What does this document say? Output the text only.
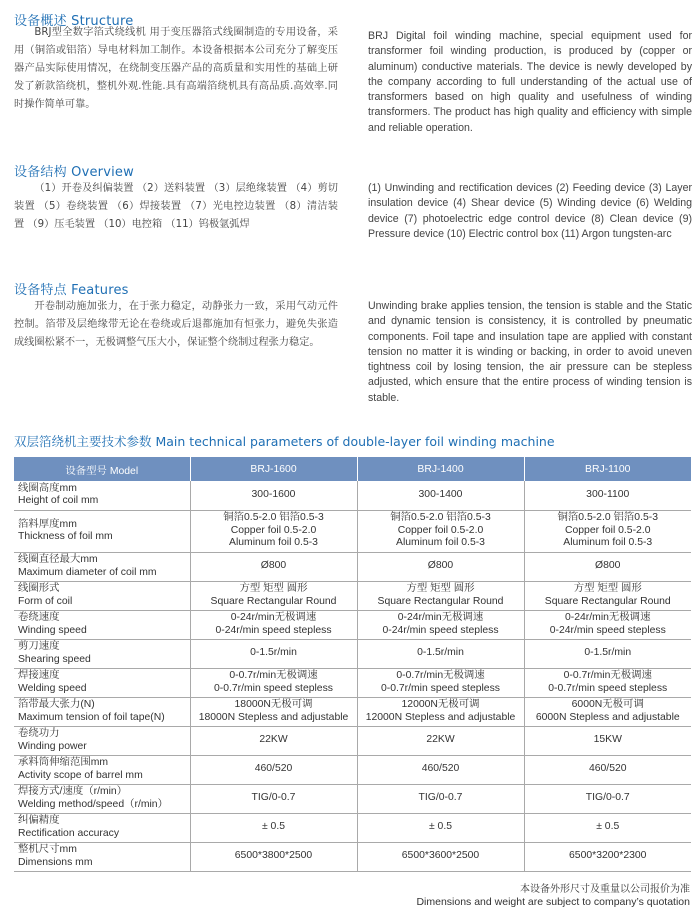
设备概述 Structure
BRJ型全数字箔式绕线机 用于变压器箔式线圈制造的专用设备，采用（铜箔或铝箔）导电材料加工制作。本设备根据本公司充分了解变压器产品实际使用情况，在绕制变压器产品的高质量和实用性的基础上研发了新款箔绕机，整机外观.性能.具有高端箔绕机具有高品质.高效率.同时操作简单可靠。
BRJ Digital foil winding machine, special equipment used for transformer foil winding production, is produced by (copper or aluminum) conductive materials. The device is newly developed by the company according to full understanding of the actual use of transformers based on high quality and usefulness of winding transformers. The product has high quality and efficiency with simple and reliable operation.
设备结构 Overview
（1）开卷及纠偏装置 （2）送料装置 （3）层绝缘装置 （4）剪切装置 （5）卷绕装置 （6）焊接装置 （7）光电控边装置 （8）清洁装置 （9）压毛装置 （10）电控箱 （11）钨极氩弧焊
(1) Unwinding and rectification devices (2) Feeding device (3) Layer insulation device (4) Shear device (5) Winding device (6) Welding device (7) photoelectric edge control device (8) Clean device (9) Pressure device (10) Electric control box (11) Argon tungsten-arc
设备特点 Features
开卷制动施加张力，在于张力稳定，动静张力一致，采用气动元件控制。箔带及层绝缘带无论在卷绕或后退都施加有恒张力，避免失张造成线圈松紧不一，无极调整气压大小，保证整个绕制过程张力稳定。
Unwinding brake applies tension, the tension is stable and the Static and dynamic tension is consistency, it is controlled by pneumatic components. Foil tape and insulation tape are applied with constant tension no matter it is winding or backing, in order to avoid uneven tightness coil by losing tension, the air pressure can be stepless adjusted, which ensure that the entire process of winding tension is stable.
双层箔绕机主要技术参数 Main technical parameters of double-layer foil winding machine
设备型号 Model	BRJ-1600	BRJ-1400	BRJ-1100

线圈高度mm
Height of coil mm	300-1600	300-1400	300-1100

箔料厚度mm
Thickness of foil mm	铜箔0.5-2.0 铝箔0.5-3
Copper foil 0.5-2.0
Aluminum foil 0.5-3	铜箔0.5-2.0 铝箔0.5-3
Copper foil 0.5-2.0
Aluminum foil 0.5-3	铜箔0.5-2.0 铝箔0.5-3
Copper foil 0.5-2.0
Aluminum foil 0.5-3

线圈直径最大mm
Maximum diameter of coil mm	Ø800	Ø800	Ø800

线圈形式
Form of coil	方型 矩型 圆形
Square Rectangular Round	方型 矩型 圆形
Square Rectangular Round	方型 矩型 圆形
Square Rectangular Round

卷绕速度
Winding speed	0-24r/min无极调速
0-24r/min speed stepless	0-24r/min无极调速
0-24r/min speed stepless	0-24r/min无极调速
0-24r/min speed stepless

剪刀速度
Shearing speed	0-1.5r/min	0-1.5r/min	0-1.5r/min

焊接速度
Welding speed	0-0.7r/min无极调速
0-0.7r/min speed stepless	0-0.7r/min无极调速
0-0.7r/min speed stepless	0-0.7r/min无极调速
0-0.7r/min speed stepless

箔带最大张力(N)
Maximum tension of foil tape(N)	18000N无极可调
18000N Stepless and adjustable	12000N无极可调
12000N Stepless and adjustable	6000N无极可调
6000N Stepless and adjustable

卷绕功力
Winding power	22KW	22KW	15KW

承料筒伸缩范围mm
Activity scope of barrel mm	460/520	460/520	460/520

焊接方式/速度（r/min）
Welding method/speed（r/min）	TIG/0-0.7	TIG/0-0.7	TIG/0-0.7

纠偏精度
Rectification accuracy	± 0.5	± 0.5	± 0.5

整机尺寸mm
Dimensions mm	6500*3800*2500	6500*3600*2500	6500*3200*2300
本设备外形尺寸及重量以公司报价为准
Dimensions and weight are subject to company’s quotation
